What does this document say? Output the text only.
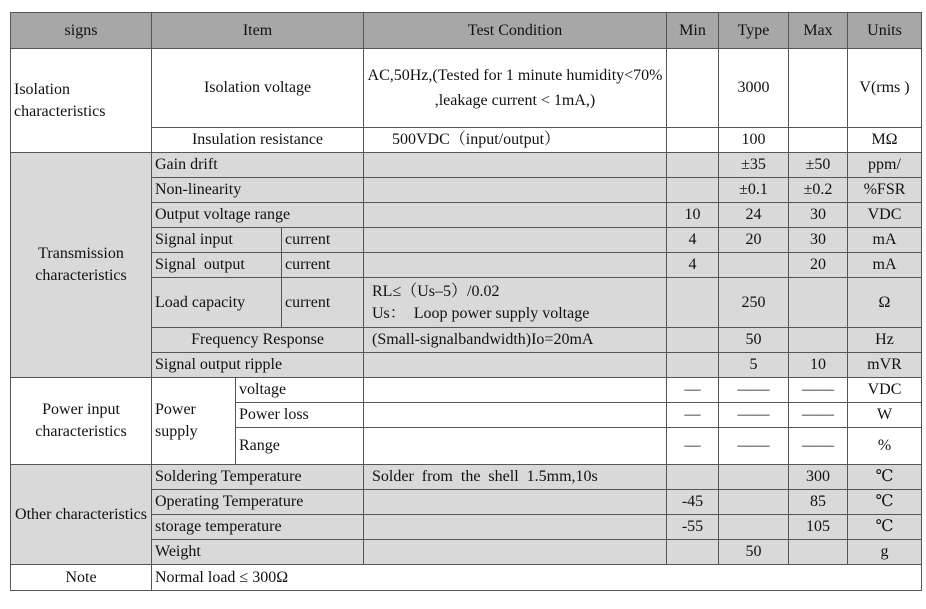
signs	Item			Test Condition	Min	Type	Max	Units
Isolation characteristics	Isolation voltage			AC,50Hz,(Tested for 1 minute humidity<70% ,leakage current < 1mA,)		3000		V(rms )
	Insulation resistance			500VDC（input/output）		100		MΩ
Transmission characteristics	Gain drift					±35	±50	ppm/
	Non-linearity					±0.1	±0.2	%FSR
	Output voltage range				10	24	30	VDC
	Signal input		current		4	20	30	mA
	Signal  output		current		4		20	mA
	Load capacity		current	RL≤（Us–5）/0.02
Us：  Loop power supply voltage		250		Ω
	Frequency Response			(Small-signalbandwidth)Io=20mA		50		Hz
	Signal output ripple					5	10	mVR
Power input characteristics	Power supply	voltage			—	——	——	VDC
		Power loss			—	——	——	W
		Range			—	——	——	%
Other characteristics	Soldering Temperature			Solder  from  the  shell  1.5mm,10s			300	℃
	Operating Temperature				-45		85	℃
	storage temperature				-55		105	℃
	Weight					50		g
Note	Normal load ≤ 300Ω							
